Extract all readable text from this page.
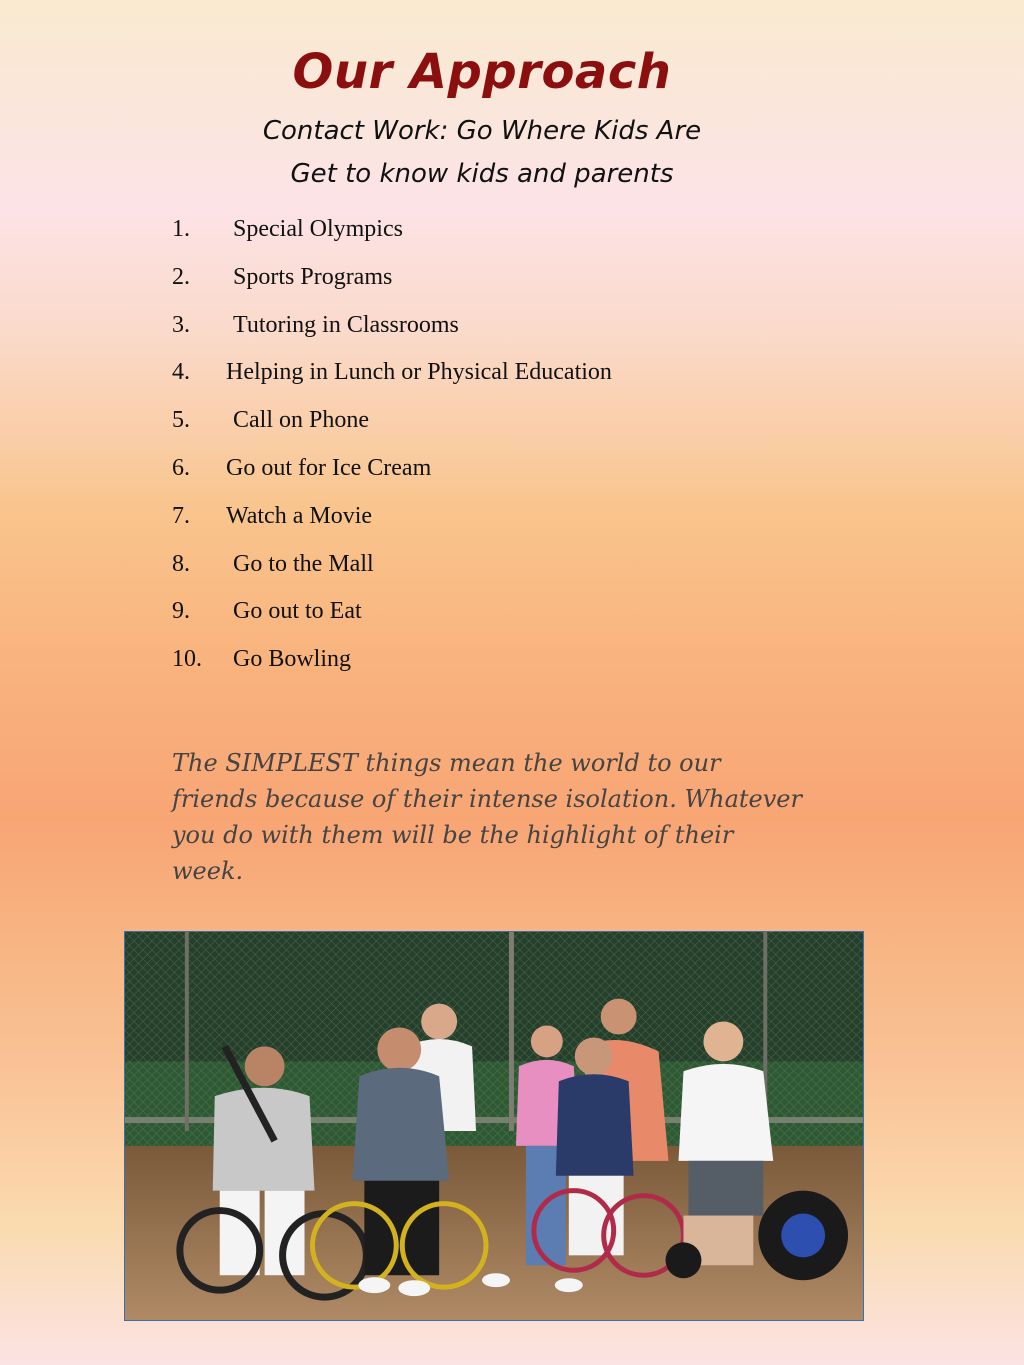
Our Approach

Contact Work: Go Where Kids Are

Get to know kids and parents

1. Special Olympics
2. Sports Programs
3. Tutoring in Classrooms
4. Helping in Lunch or Physical Education
5. Call on Phone
6. Go out for Ice Cream
7. Watch a Movie
8. Go to the Mall
9. Go out to Eat
10. Go Bowling

The SIMPLEST things mean the world to our friends because of their intense isolation. Whatever you do with them will be the highlight of their week.
